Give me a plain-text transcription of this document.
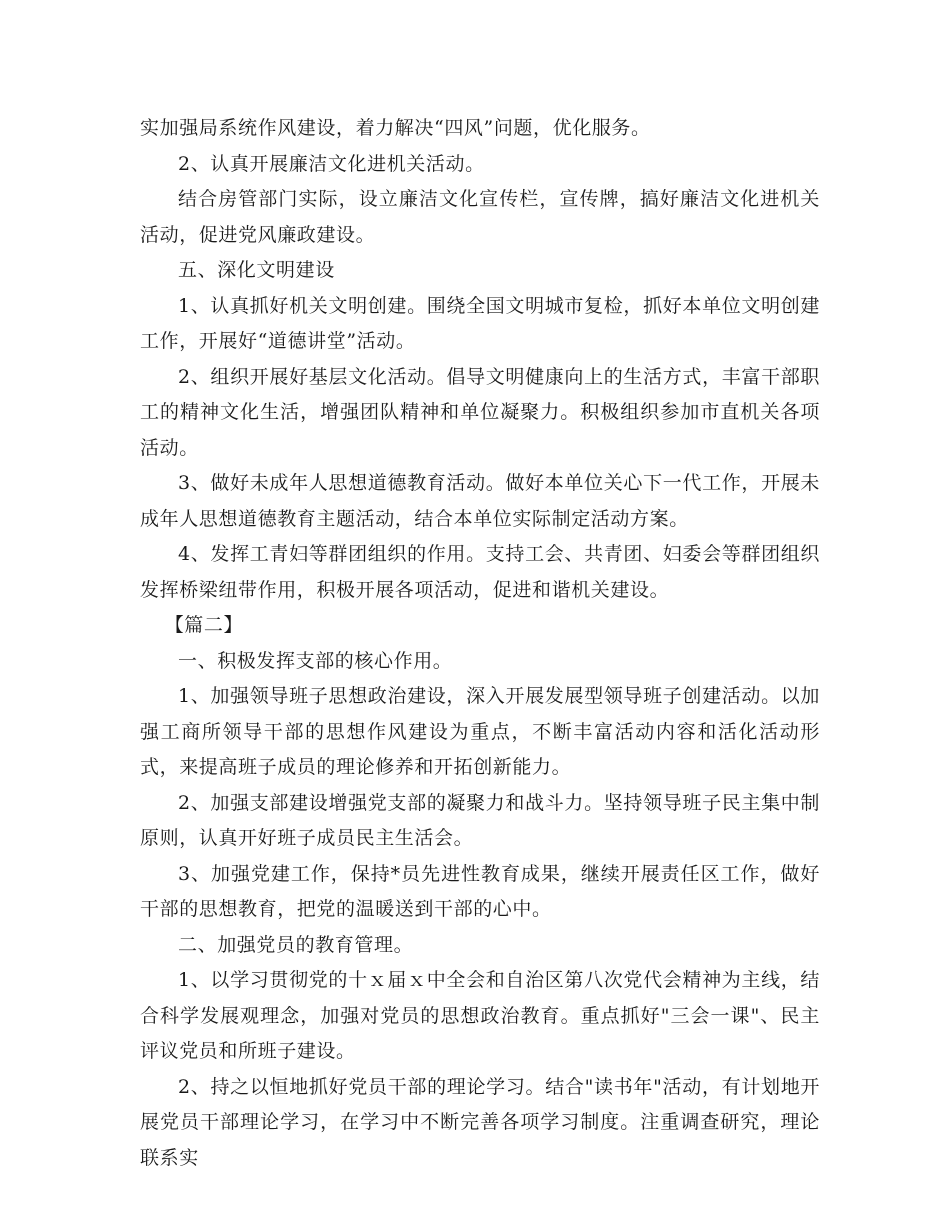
实加强局系统作风建设，着力解决“四风”问题，优化服务。

2、认真开展廉洁文化进机关活动。

结合房管部门实际，设立廉洁文化宣传栏，宣传牌，搞好廉洁文化进机关活动，促进党风廉政建设。

五、深化文明建设

1、认真抓好机关文明创建。围绕全国文明城市复检，抓好本单位文明创建工作，开展好“道德讲堂”活动。

2、组织开展好基层文化活动。倡导文明健康向上的生活方式，丰富干部职工的精神文化生活，增强团队精神和单位凝聚力。积极组织参加市直机关各项活动。

3、做好未成年人思想道德教育活动。做好本单位关心下一代工作，开展未成年人思想道德教育主题活动，结合本单位实际制定活动方案。

4、发挥工青妇等群团组织的作用。支持工会、共青团、妇委会等群团组织发挥桥梁纽带作用，积极开展各项活动，促进和谐机关建设。

【篇二】

一、积极发挥支部的核心作用。

1、加强领导班子思想政治建设，深入开展发展型领导班子创建活动。以加强工商所领导干部的思想作风建设为重点，不断丰富活动内容和活化活动形式，来提高班子成员的理论修养和开拓创新能力。

2、加强支部建设增强党支部的凝聚力和战斗力。坚持领导班子民主集中制原则，认真开好班子成员民主生活会。

3、加强党建工作，保持*员先进性教育成果，继续开展责任区工作，做好干部的思想教育，把党的温暖送到干部的心中。

二、加强党员的教育管理。

1、以学习贯彻党的十ｘ届ｘ中全会和自治区第八次党代会精神为主线，结合科学发展观理念，加强对党员的思想政治教育。重点抓好"三会一课"、民主评议党员和所班子建设。

2、持之以恒地抓好党员干部的理论学习。结合"读书年"活动，有计划地开展党员干部理论学习，在学习中不断完善各项学习制度。注重调查研究，理论联系实
